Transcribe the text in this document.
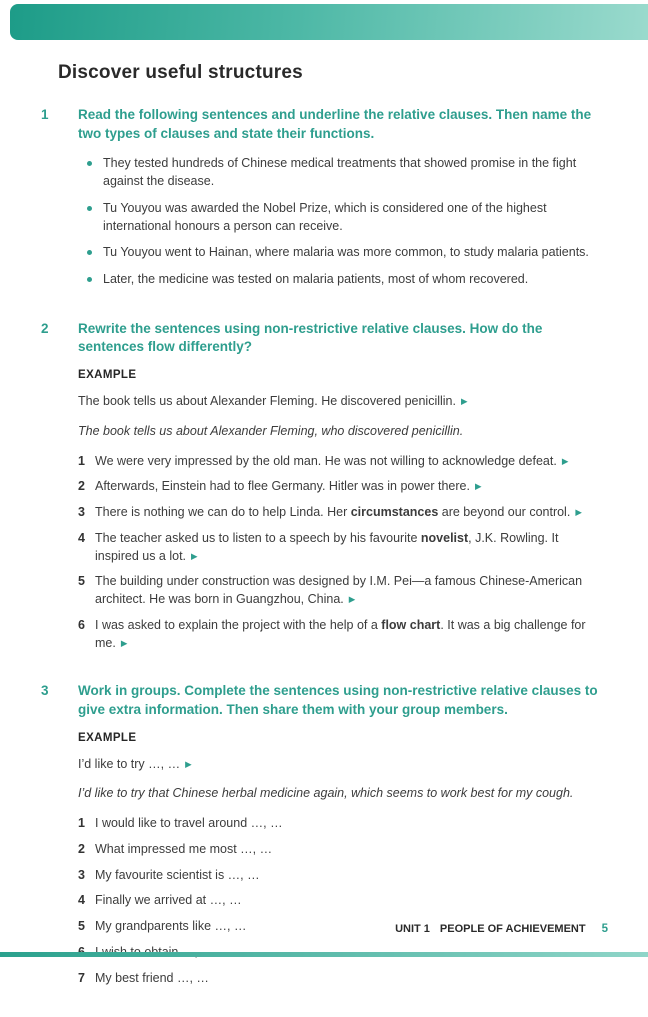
Discover useful structures
1	Read the following sentences and underline the relative clauses. Then name the two types of clauses and state their functions.
They tested hundreds of Chinese medical treatments that showed promise in the fight against the disease.
Tu Youyou was awarded the Nobel Prize, which is considered one of the highest international honours a person can receive.
Tu Youyou went to Hainan, where malaria was more common, to study malaria patients.
Later, the medicine was tested on malaria patients, most of whom recovered.
2	Rewrite the sentences using non-restrictive relative clauses. How do the sentences flow differently?
EXAMPLE
The book tells us about Alexander Fleming. He discovered penicillin. ▶
The book tells us about Alexander Fleming, who discovered penicillin.
1 We were very impressed by the old man. He was not willing to acknowledge defeat. ▶
2 Afterwards, Einstein had to flee Germany. Hitler was in power there. ▶
3 There is nothing we can do to help Linda. Her circumstances are beyond our control. ▶
4 The teacher asked us to listen to a speech by his favourite novelist, J.K. Rowling. It inspired us a lot. ▶
5 The building under construction was designed by I.M. Pei—a famous Chinese-American architect. He was born in Guangzhou, China. ▶
6 I was asked to explain the project with the help of a flow chart. It was a big challenge for me. ▶
3	Work in groups. Complete the sentences using non-restrictive relative clauses to give extra information. Then share them with your group members.
EXAMPLE
I’d like to try …, … ▶
I’d like to try that Chinese herbal medicine again, which seems to work best for my cough.
1 I would like to travel around …, …
2 What impressed me most …, …
3 My favourite scientist is …, …
4 Finally we arrived at …, …
5 My grandparents like …, …
7 My best friend …, …
UNIT 1 PEOPLE OF ACHIEVEMENT 5
